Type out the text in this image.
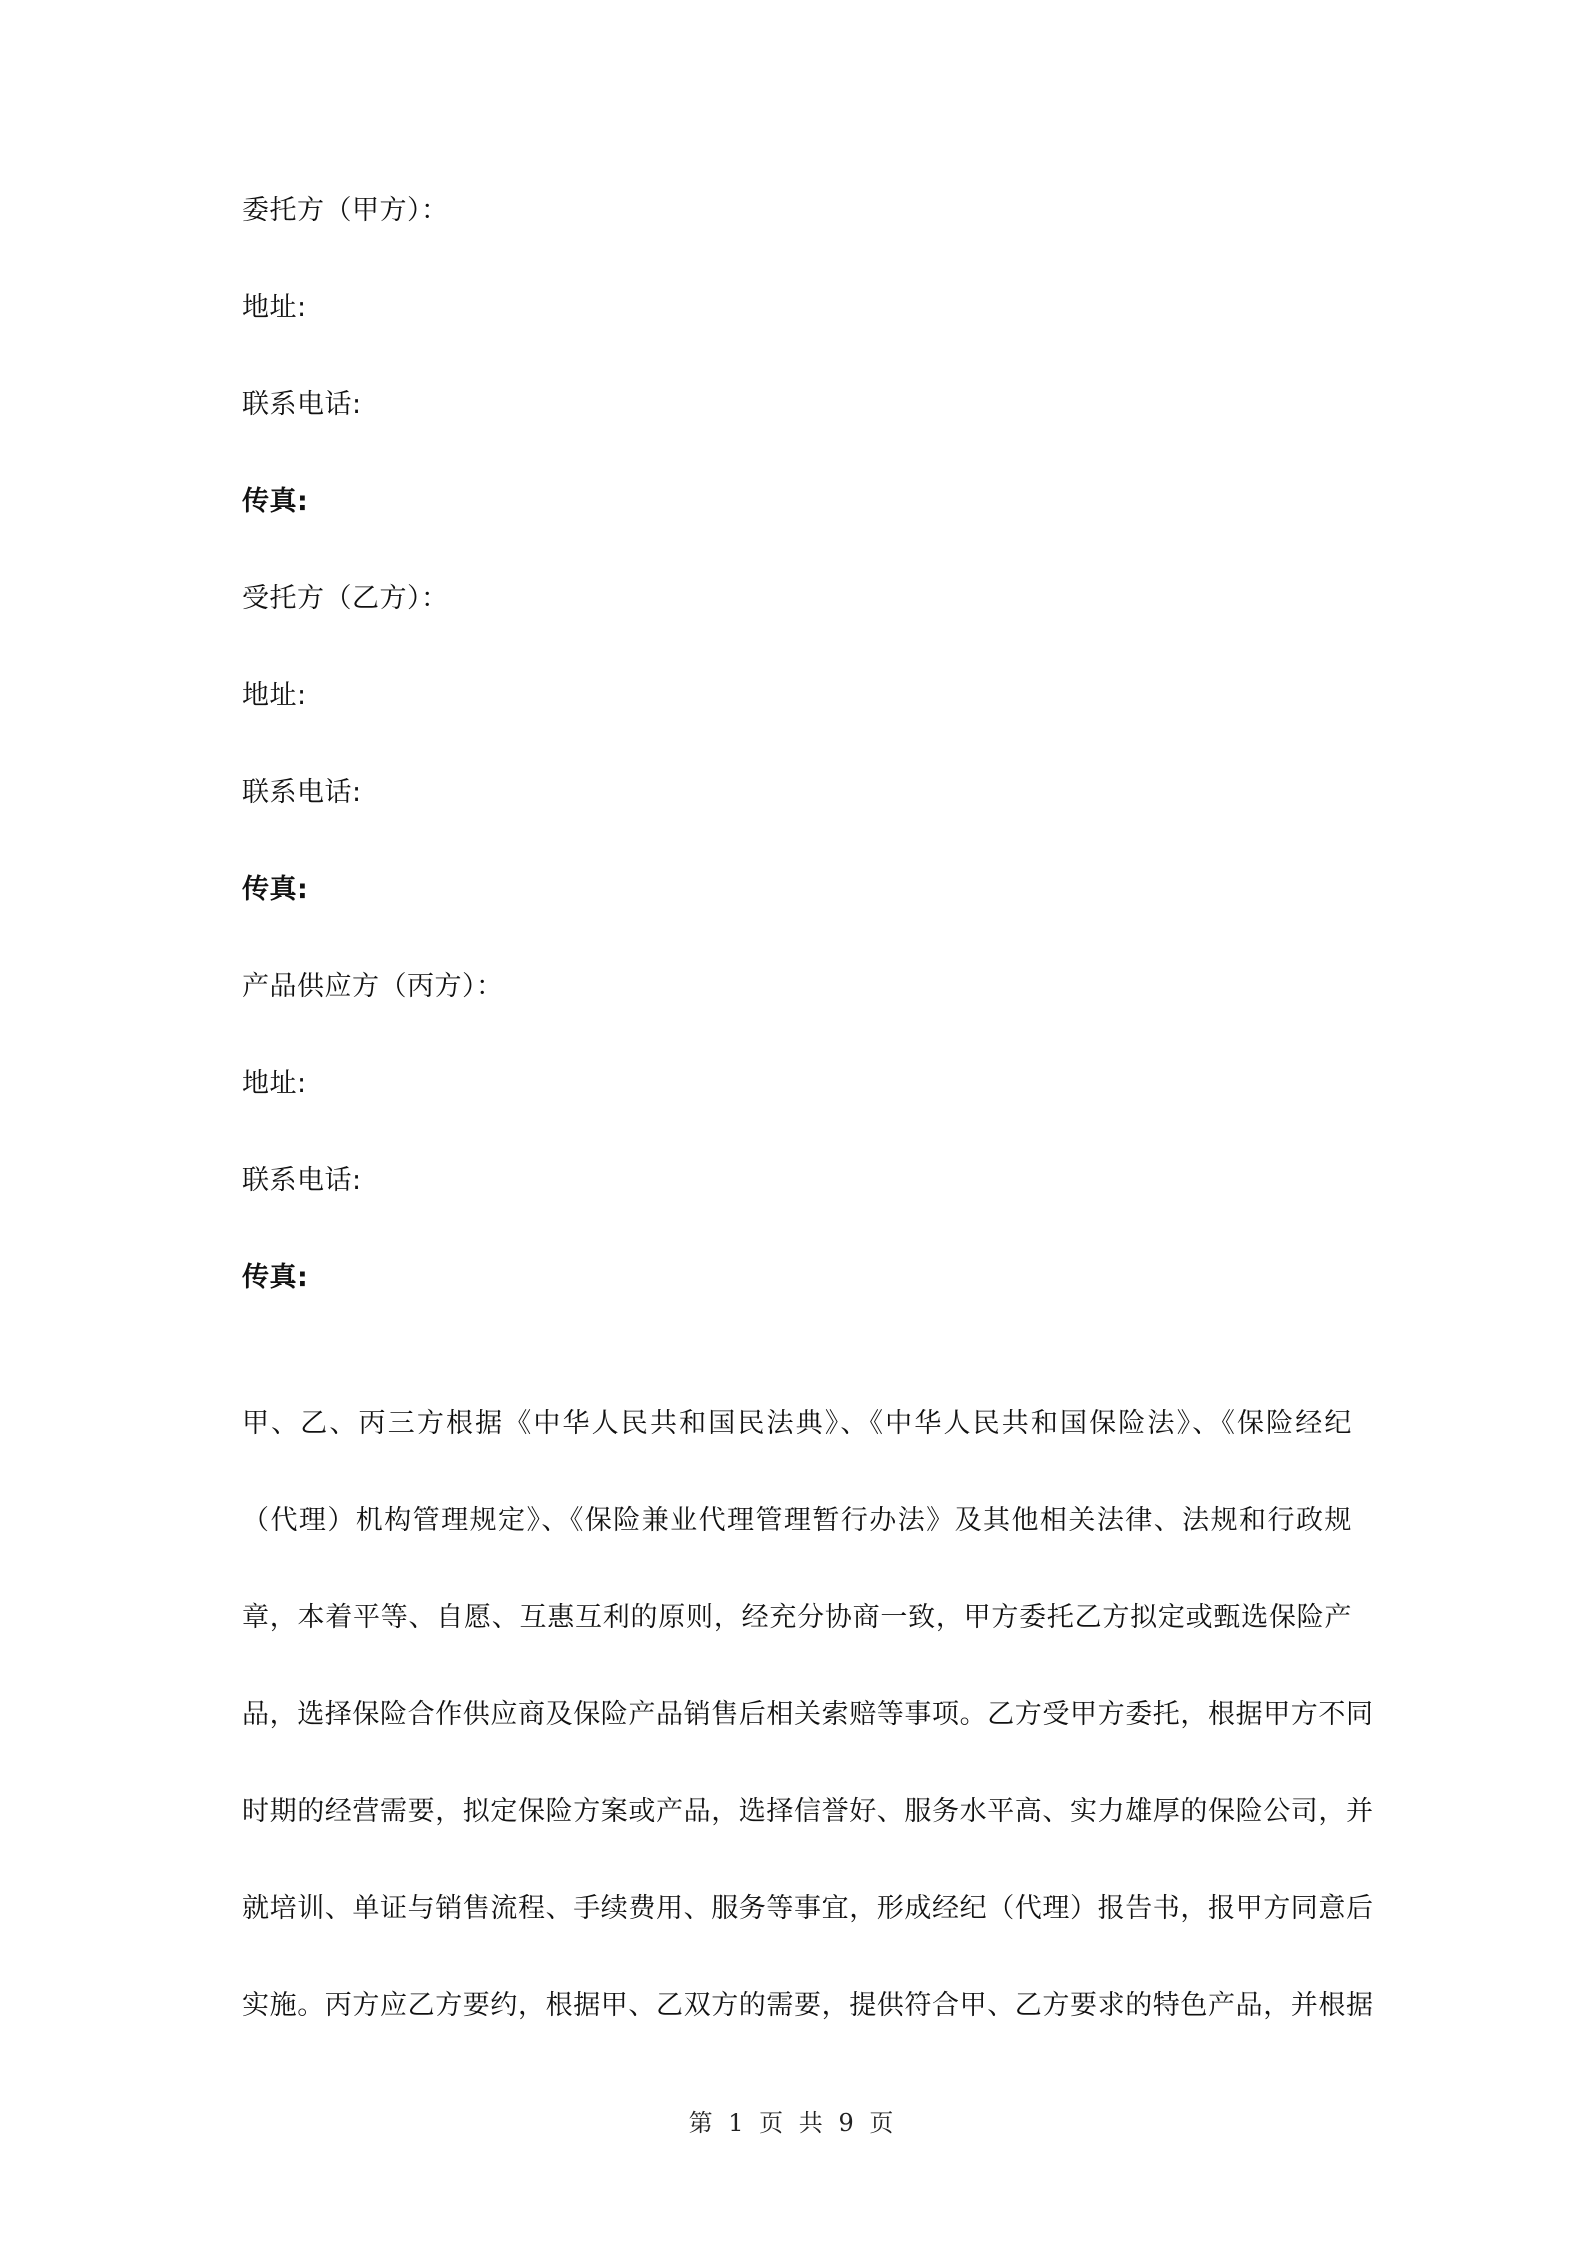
委托方（甲方）：
地址:
联系电话:
传真:
受托方（乙方）：
地址:
联系电话:
传真:
产品供应方（丙方）：
地址:
联系电话:
传真:
甲、乙、丙三方根据《中华人民共和国民法典》、《中华人民共和国保险法》、《保险经纪
（代理）机构管理规定》、《保险兼业代理管理暂行办法》及其他相关法律、法规和行政规
章，本着平等、自愿、互惠互利的原则，经充分协商一致，甲方委托乙方拟定或甄选保险产
品，选择保险合作供应商及保险产品销售后相关索赔等事项。乙方受甲方委托，根据甲方不同
时期的经营需要，拟定保险方案或产品，选择信誉好、服务水平高、实力雄厚的保险公司，并
就培训、单证与销售流程、手续费用、服务等事宜，形成经纪（代理）报告书，报甲方同意后
实施。丙方应乙方要约，根据甲、乙双方的需要，提供符合甲、乙方要求的特色产品，并根据
第 1 页 共 9 页
